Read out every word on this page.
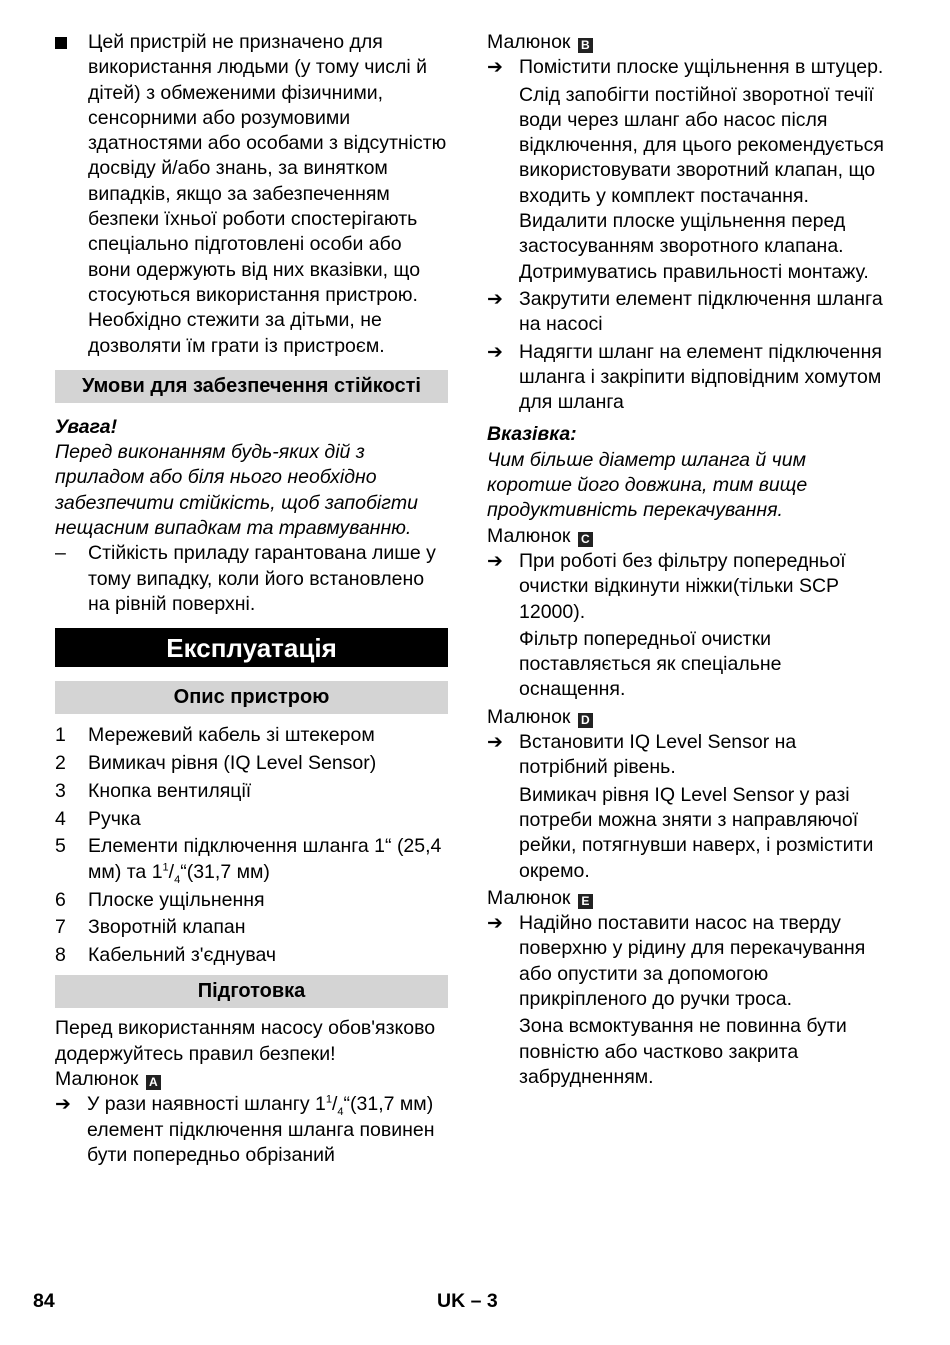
Цей пристрій не призначено для використання людьми (у тому числі й дітей) з обмеженими фізичними, сенсорними або розумовими здатностями або особами з відсутністю досвіду й/або знань, за винятком випадків, якщо за забезпеченням безпеки їхньої роботи спостерігають спеціально підготовлені особи або вони одержують від них вказівки, що стосуються використання пристрою. Необхідно стежити за дітьми, не дозволяти їм грати із пристроєм.

Умови для забезпечення стійкості

Увага!

Перед виконанням будь-яких дій з приладом або біля нього необхідно забезпечити стійкість, щоб запобігти нещасним випадкам та травмуванню.

– Стійкість приладу гарантована лише у тому випадку, коли його встановлено на рівній поверхні.

Експлуатація
Опис пристрою
1 Мережевий кабель зі штекером
2 Вимикач рівня (IQ Level Sensor)
3 Кнопка вентиляції
4 Ручка
5 Елементи підключення шланга 1“ (25,4 мм) та $1^1/_4“(31,7$ мм)
6 Плоске ущільнення
7 Зворотній клапан
8 Кабельний з'єднувач
Підготовка

Перед використанням насосу обов'язково додержуйтесь правил безпеки!

Малюнок A

➔ У рази наявності шлангу $1^1/_4“(31,7$ мм) елемент підключення шланга повинен бути попередньо обрізаний

Малюнок B

➔ Помістити плоске ущільнення в штуцер.

Слід запобігти постійної зворотної течії води через шланг або насос після відключення, для цього рекомендується використовувати зворотний клапан, що входить у комплект постачання. Видалити плоске ущільнення перед застосуванням зворотного клапана. Дотримуватись правильності монтажу.

➔ Закрутити елемент підключення шланга на насосі

➔ Надягти шланг на елемент підключення шланга і закріпити відповідним хомутом для шланга

Вказівка:

Чим більше діаметр шланга й чим коротше його довжина, тим вище продуктивність перекачування.

Малюнок C

➔ При роботі без фільтру попередньої очистки відкинути ніжки(тільки SCP 12000).

Фільтр попередньої очистки поставляється як спеціальне оснащення.

Малюнок D

➔ Встановити IQ Level Sensor на потрібний рівень.

Вимикач рівня IQ Level Sensor у разі потреби можна зняти з направляючої рейки, потягнувши наверх, і розмістити окремо.

Малюнок E

➔ Надійно поставити насос на тверду поверхню у рідину для перекачування або опустити за допомогою прикріпленого до ручки троса.

Зона всмоктування не повинна бути повністю або частково закрита забрудненням.

84	UK – 3
